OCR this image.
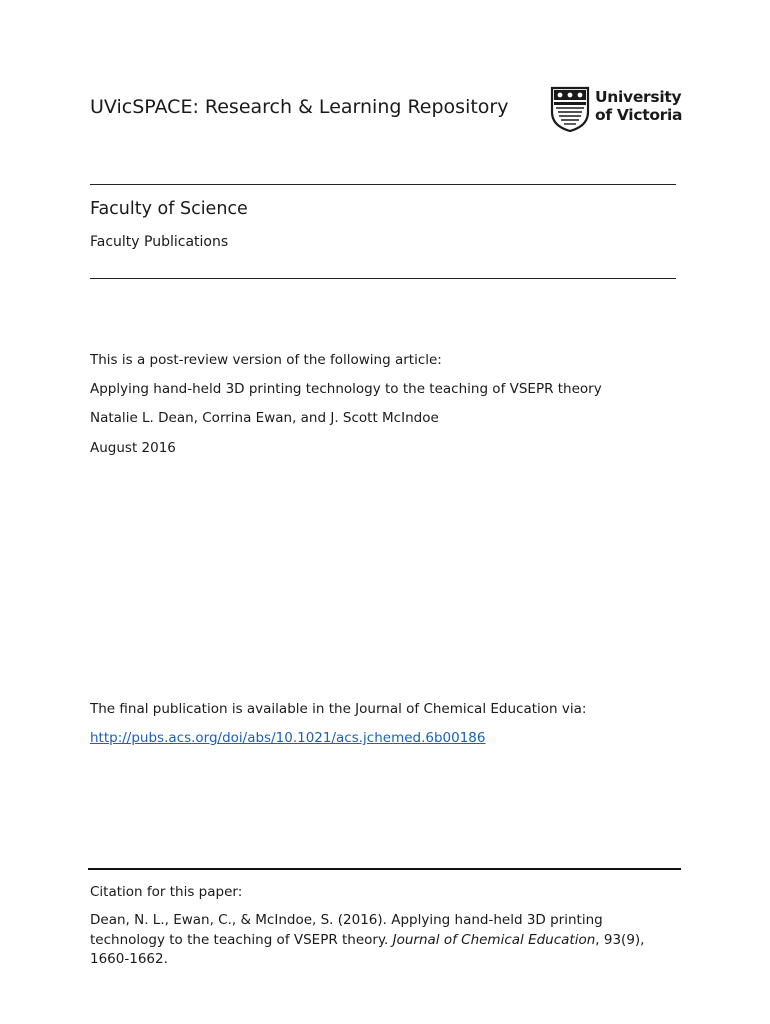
UVicSPACE: Research & Learning Repository	University
of Victoria
Faculty of Science
Faculty Publications
This is a post-review version of the following article:
Applying hand-held 3D printing technology to the teaching of VSEPR theory
Natalie L. Dean, Corrina Ewan, and J. Scott McIndoe
August 2016
The final publication is available in the Journal of Chemical Education via:
http://pubs.acs.org/doi/abs/10.1021/acs.jchemed.6b00186
Citation for this paper:
Dean, N. L., Ewan, C., & McIndoe, S. (2016). Applying hand-held 3D printing technology to the teaching of VSEPR theory. Journal of Chemical Education, 93(9), 1660-1662.
